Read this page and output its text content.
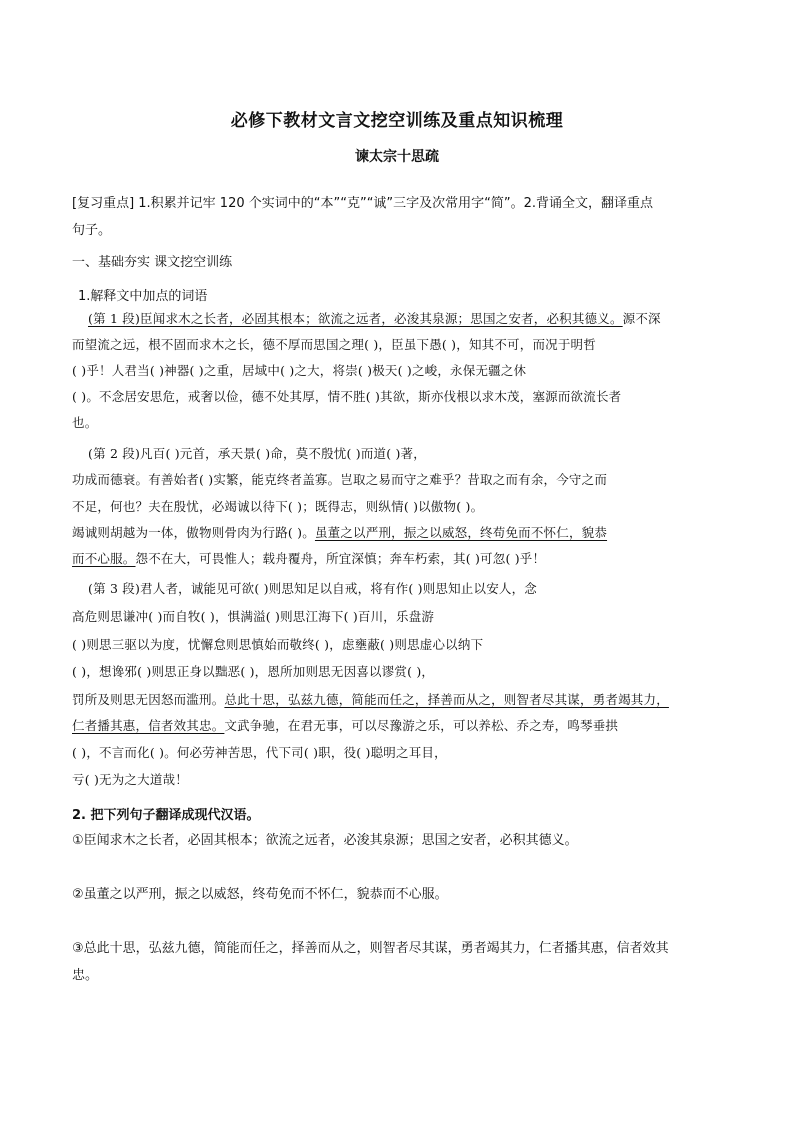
必修下教材文言文挖空训练及重点知识梳理
谏太宗十思疏
[复习重点] 1.积累并记牢 120 个实词中的“本”“克”“诚”三字及次常用字“简”。2.背诵全文，翻译重点
句子。
一、基础夯实 课文挖空训练
1.解释文中加点的词语
(第 1 段)臣闻求木之长者，必固其根本；欲流之远者，必浚其泉源；思国之安者，必积其德义。源不深
而望流之远，根不固而求木之长，德不厚而思国之理( )，臣虽下愚( )，知其不可，而况于明哲
( )乎！人君当( )神器( )之重，居域中( )之大，将崇( )极天( )之峻，永保无疆之休
( )。不念居安思危，戒奢以俭，德不处其厚，情不胜( )其欲，斯亦伐根以求木茂，塞源而欲流长者
也。
(第 2 段)凡百( )元首，承天景( )命，莫不殷忧( )而道( )著，
功成而德衰。有善始者( )实繁，能克终者盖寡。岂取之易而守之难乎？昔取之而有余，今守之而
不足，何也？夫在殷忧，必竭诚以待下( )；既得志，则纵情( )以傲物( )。
竭诚则胡越为一体，傲物则骨肉为行路( )。虽董之以严刑，振之以威怒，终苟免而不怀仁，貌恭
而不心服。怨不在大，可畏惟人；载舟覆舟，所宜深慎；奔车朽索，其( )可忽( )乎！
(第 3 段)君人者，诚能见可欲( )则思知足以自戒，将有作( )则思知止以安人，念
高危则思谦冲( )而自牧( )，惧满溢( )则思江海下( )百川，乐盘游
( )则思三驱以为度，忧懈怠则思慎始而敬终( )，虑壅蔽( )则思虚心以纳下
( )，想谗邪( )则思正身以黜恶( )，恩所加则思无因喜以谬赏( )，
罚所及则思无因怒而滥刑。总此十思，弘兹九德，简能而任之，择善而从之，则智者尽其谋，勇者竭其力，
仁者播其惠，信者效其忠。文武争驰，在君无事，可以尽豫游之乐，可以养松、乔之寿，鸣琴垂拱
( )，不言而化( )。何必劳神苦思，代下司( )职，役( )聪明之耳目，
亏( )无为之大道哉！
2. 把下列句子翻译成现代汉语。
①臣闻求木之长者，必固其根本；欲流之远者，必浚其泉源；思国之安者，必积其德义。
②虽董之以严刑，振之以威怒，终苟免而不怀仁，貌恭而不心服。
③总此十思，弘兹九德，简能而任之，择善而从之，则智者尽其谋，勇者竭其力，仁者播其惠，信者效其
忠。
